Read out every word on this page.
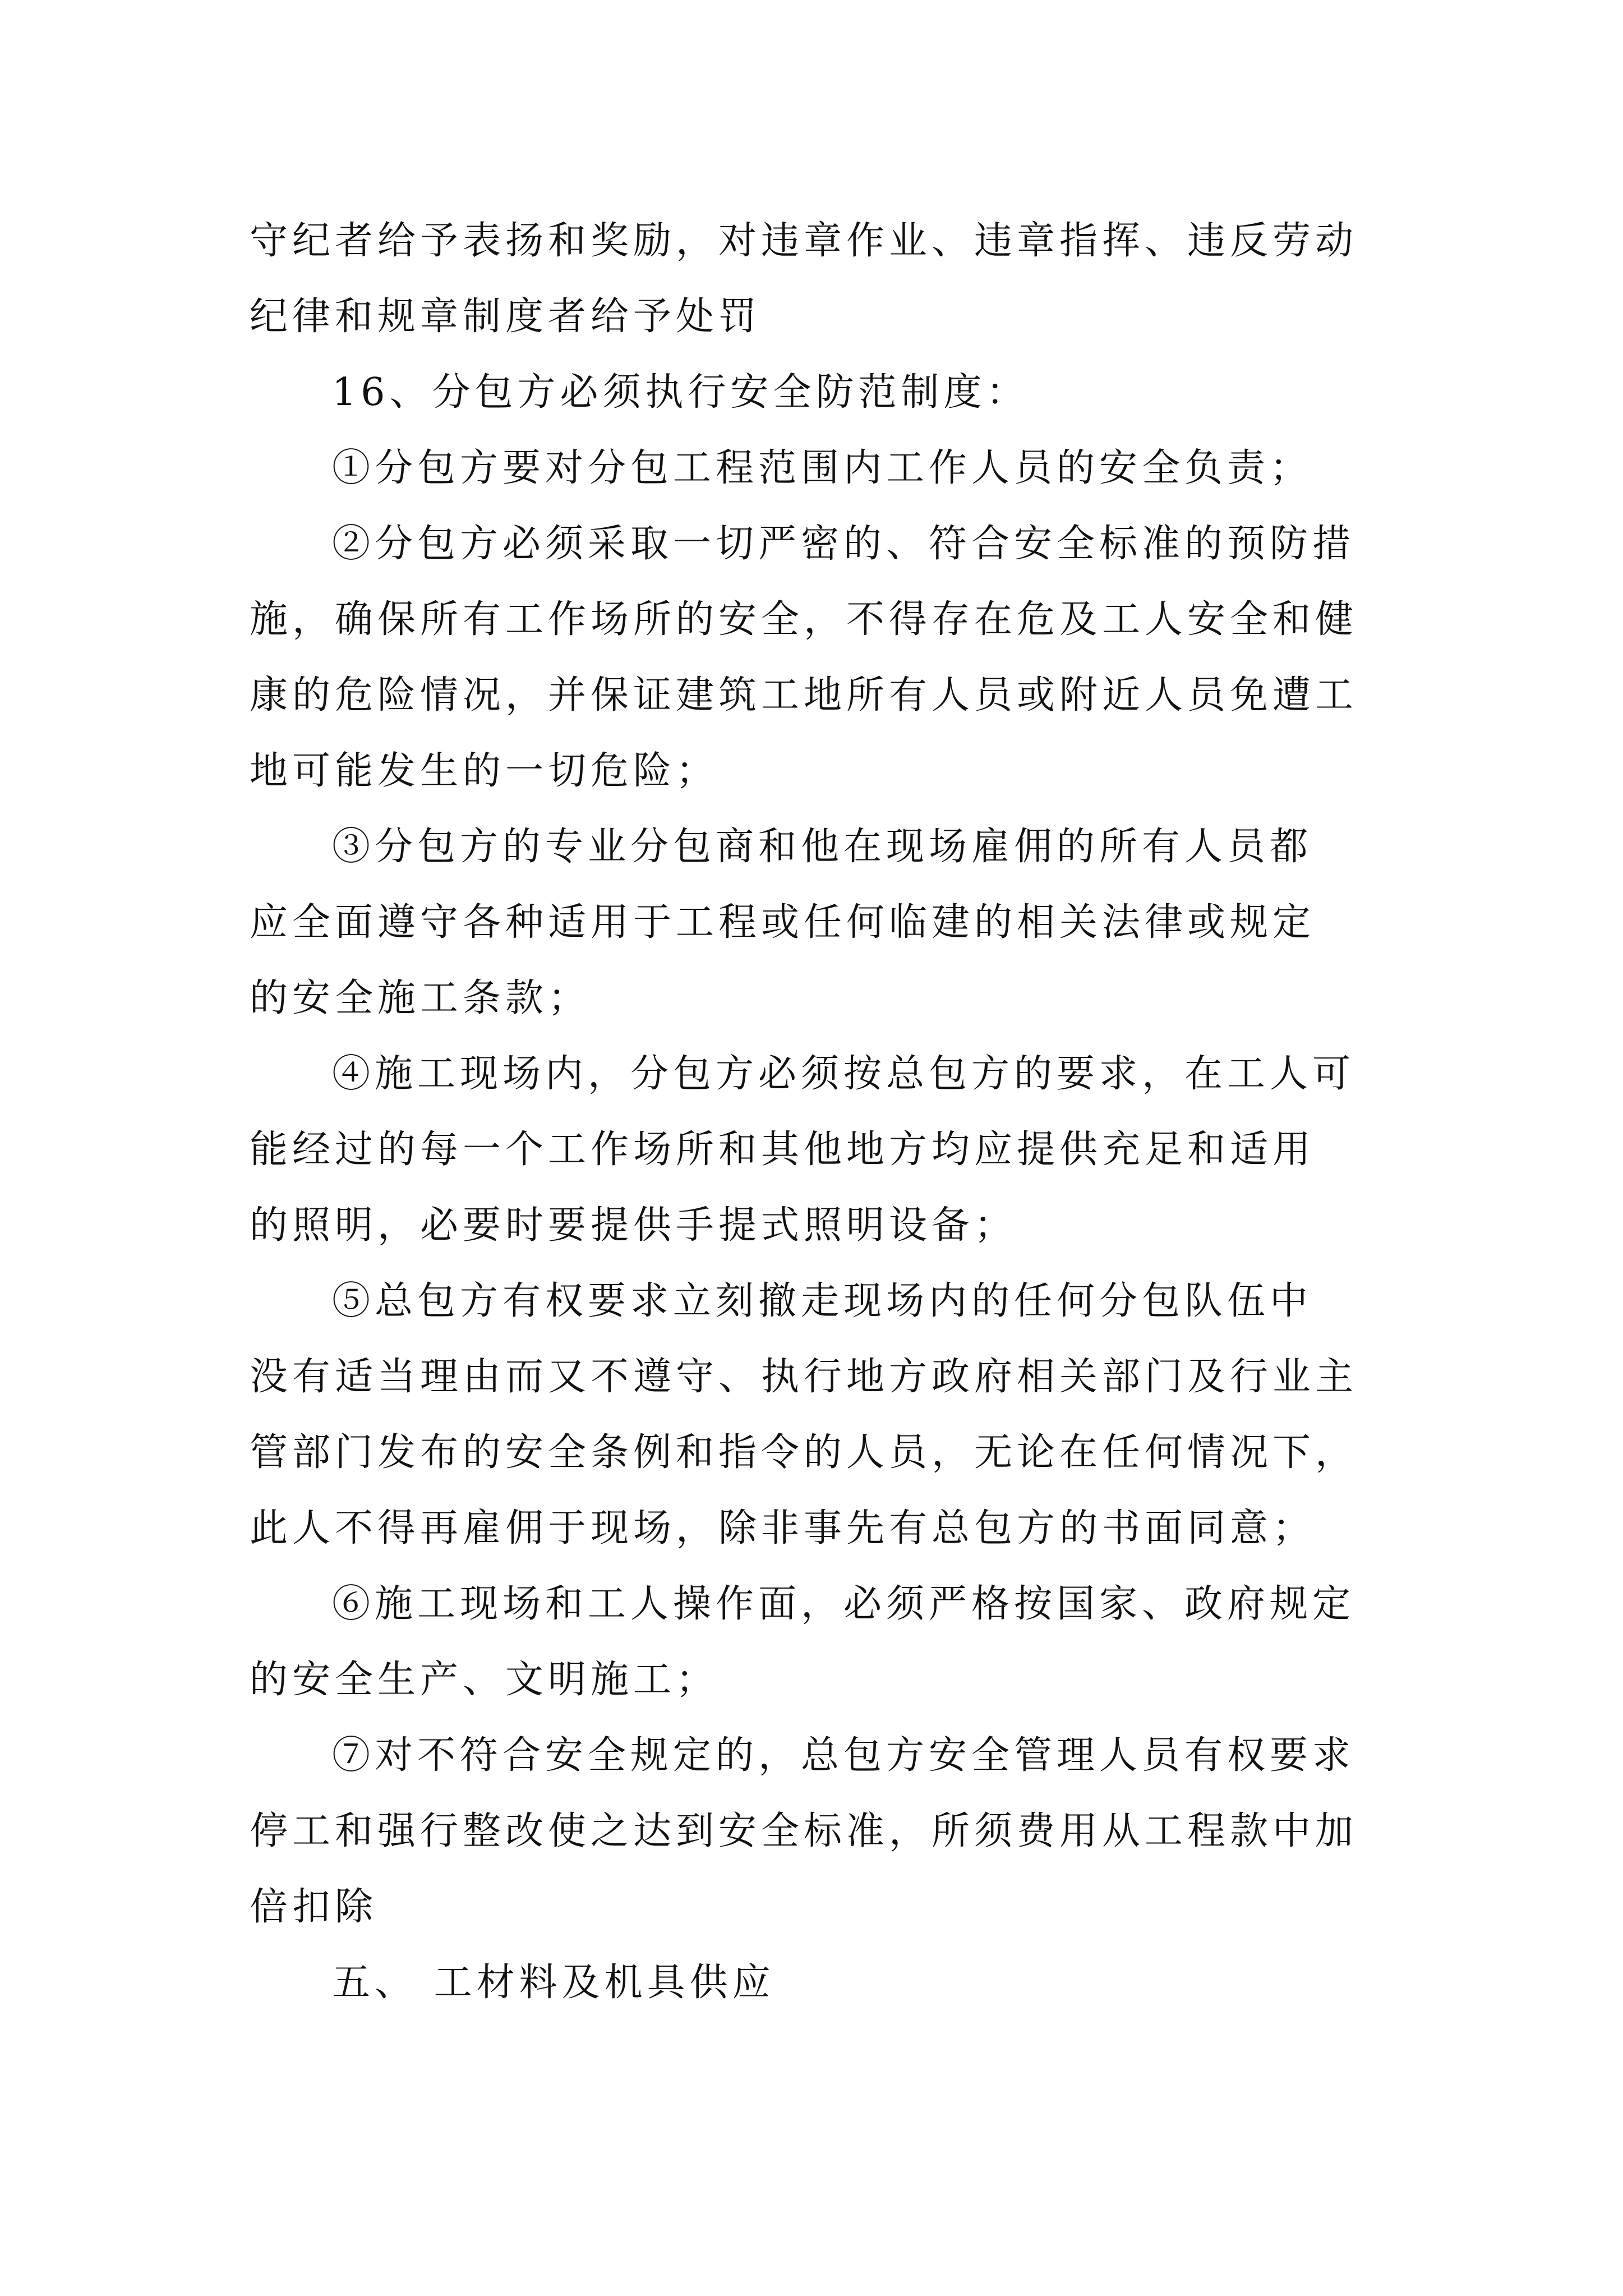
守纪者给予表扬和奖励，对违章作业、违章指挥、违反劳动
纪律和规章制度者给予处罚
16、分包方必须执行安全防范制度：
①分包方要对分包工程范围内工作人员的安全负责；
②分包方必须采取一切严密的、符合安全标准的预防措
施，确保所有工作场所的安全，不得存在危及工人安全和健
康的危险情况，并保证建筑工地所有人员或附近人员免遭工
地可能发生的一切危险；
③分包方的专业分包商和他在现场雇佣的所有人员都
应全面遵守各种适用于工程或任何临建的相关法律或规定
的安全施工条款；
④施工现场内，分包方必须按总包方的要求，在工人可
能经过的每一个工作场所和其他地方均应提供充足和适用
的照明，必要时要提供手提式照明设备；
⑤总包方有权要求立刻撤走现场内的任何分包队伍中
没有适当理由而又不遵守、执行地方政府相关部门及行业主
管部门发布的安全条例和指令的人员，无论在任何情况下，
此人不得再雇佣于现场，除非事先有总包方的书面同意；
⑥施工现场和工人操作面，必须严格按国家、政府规定
的安全生产、文明施工；
⑦对不符合安全规定的，总包方安全管理人员有权要求
停工和强行整改使之达到安全标准，所须费用从工程款中加
倍扣除
五、 工材料及机具供应
